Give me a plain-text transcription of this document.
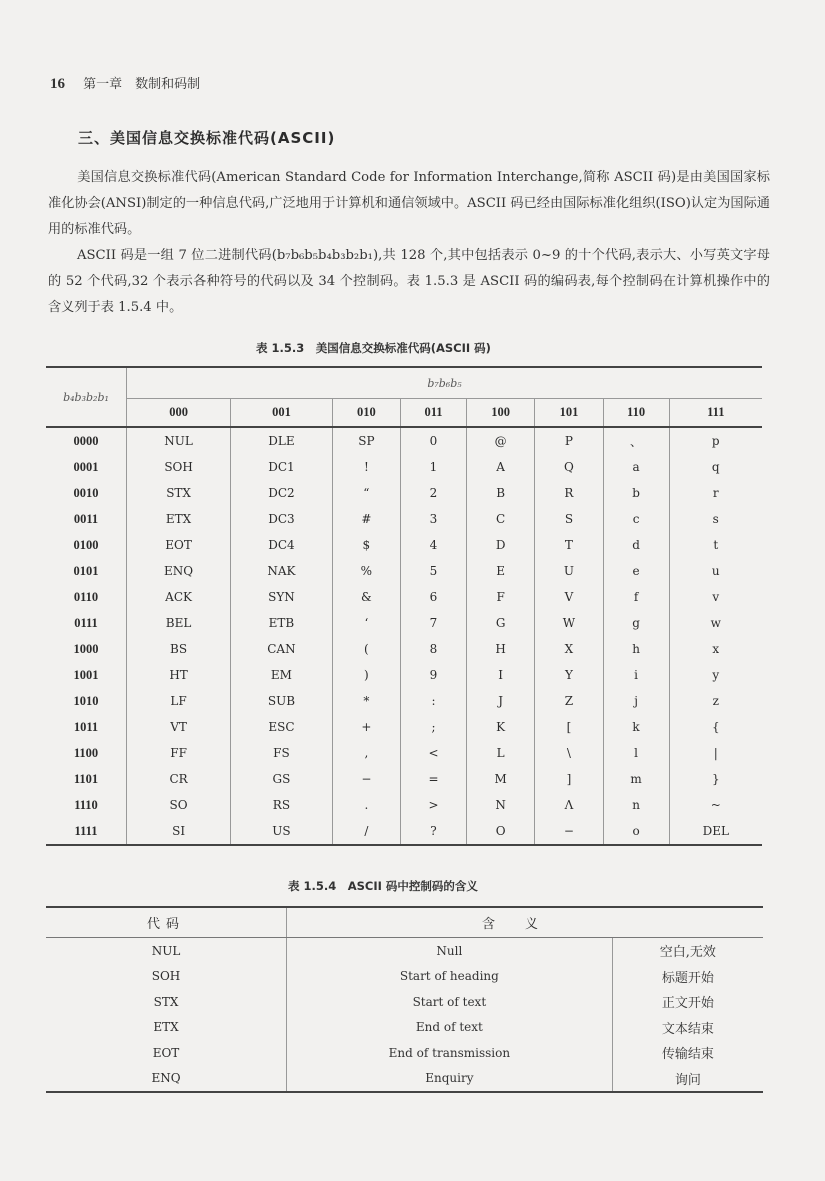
16 第一章　数制和码制
三、美国信息交换标准代码(ASCII)
美国信息交换标准代码(American Standard Code for Information Interchange,简称 ASCII 码)是由美国国家标准化协会(ANSI)制定的一种信息代码,广泛地用于计算机和通信领域中。ASCII 码已经由国际标准化组织(ISO)认定为国际通用的标准代码。
ASCII 码是一组 7 位二进制代码(b₇b₆b₅b₄b₃b₂b₁),共 128 个,其中包括表示 0~9 的十个代码,表示大、小写英文字母的 52 个代码,32 个表示各种符号的代码以及 34 个控制码。表 1.5.3 是 ASCII 码的编码表,每个控制码在计算机操作中的含义列于表 1.5.4 中。
表 1.5.3　美国信息交换标准代码(ASCII 码)
b₄b₃b₂b₁	b₇b₆b₅							
	000	001	010	011	100	101	110	111
0000	NUL	DLE	SP	0	@	P	、	p
0001	SOH	DC1	!	1	A	Q	a	q
0010	STX	DC2	“	2	B	R	b	r
0011	ETX	DC3	#	3	C	S	c	s
0100	EOT	DC4	$	4	D	T	d	t
0101	ENQ	NAK	%	5	E	U	e	u
0110	ACK	SYN	&	6	F	V	f	v
0111	BEL	ETB	‘	7	G	W	g	w
1000	BS	CAN	(	8	H	X	h	x
1001	HT	EM	)	9	I	Y	i	y
1010	LF	SUB	*	:	J	Z	j	z
1011	VT	ESC	+	;	K	[	k	{
1100	FF	FS	,	<	L	\	l	|
1101	CR	GS	−	=	M	]	m	}
1110	SO	RS	.	>	N	Λ	n	~
1111	SI	US	/	?	O	−	o	DEL
表 1.5.4　ASCII 码中控制码的含义
代码	含义	
NUL	Null	空白,无效
SOH	Start of heading	标题开始
STX	Start of text	正文开始
ETX	End of text	文本结束
EOT	End of transmission	传输结束
ENQ	Enquiry	询问
